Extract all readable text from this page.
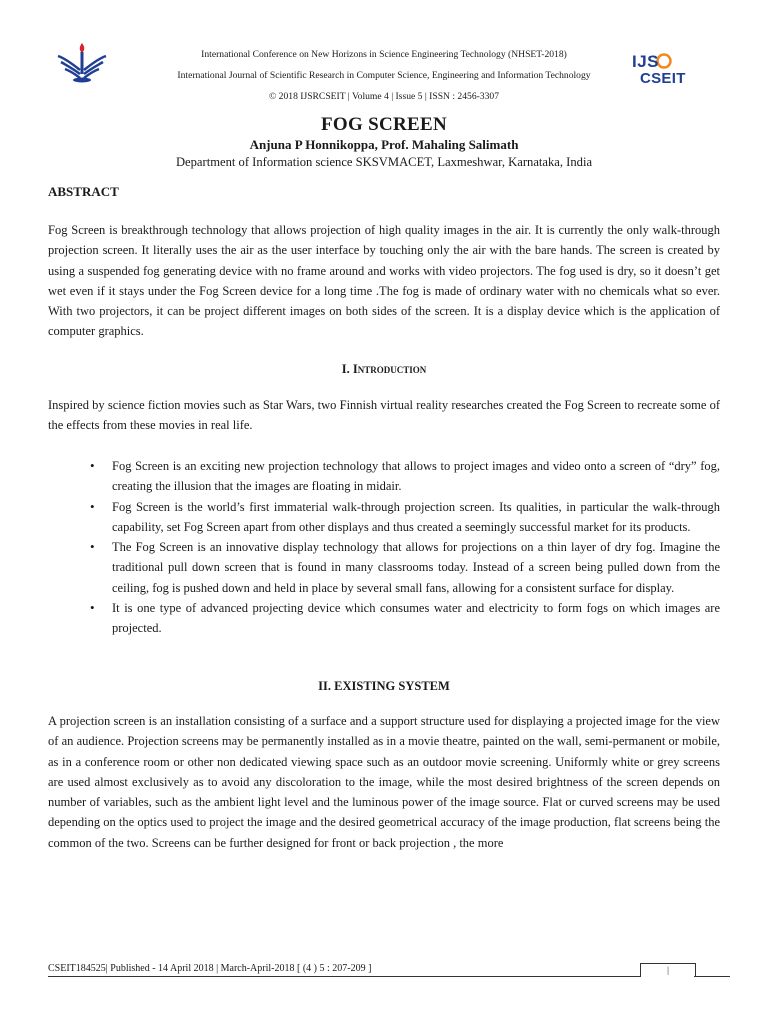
International Conference on New Horizons in Science Engineering Technology (NHSET-2018)
International Journal of Scientific Research in Computer Science, Engineering and Information Technology
© 2018 IJSRCSEIT | Volume 4 | Issue 5 | ISSN : 2456-3307
IJS
CSEIT
FOG SCREEN
Anjuna P Honnikoppa, Prof. Mahaling Salimath
Department of Information science SKSVMACET, Laxmeshwar, Karnataka, India
ABSTRACT

Fog Screen is breakthrough technology that allows projection of high quality images in the air. It is currently the only walk-through projection screen. It literally uses the air as the user interface by touching only the air with the bare hands. The screen is created by using a suspended fog generating device with no frame around and works with video projectors. The fog used is dry, so it doesn’t get wet even if it stays under the Fog Screen device for a long time .The fog is made of ordinary water with no chemicals what so ever. With two projectors, it can be project different images on both sides of the screen. It is a display device which is the application of computer graphics.

I. Introduction

Inspired by science fiction movies such as Star Wars, two Finnish virtual reality researches created the Fog Screen to recreate some of the effects from these movies in real life.

• Fog Screen is an exciting new projection technology that allows to project images and video onto a screen of “dry” fog, creating the illusion that the images are floating in midair.
• Fog Screen is the world’s first immaterial walk-through projection screen. Its qualities, in particular the walk-through capability, set Fog Screen apart from other displays and thus created a seemingly successful market for its products.
• The Fog Screen is an innovative display technology that allows for projections on a thin layer of dry fog. Imagine the traditional pull down screen that is found in many classrooms today. Instead of a screen being pulled down from the ceiling, fog is pushed down and held in place by several small fans, allowing for a consistent surface for display.
• It is one type of advanced projecting device which consumes water and electricity to form fogs on which images are projected.
II. EXISTING SYSTEM

A projection screen is an installation consisting of a surface and a support structure used for displaying a projected image for the view of an audience. Projection screens may be permanently installed as in a movie theatre, painted on the wall, semi-permanent or mobile, as in a conference room or other non dedicated viewing space such as an outdoor movie screening. Uniformly white or grey screens are used almost exclusively as to avoid any discoloration to the image, while the most desired brightness of the screen depends on number of variables, such as the ambient light level and the luminous power of the image source. Flat or curved screens may be used depending on the optics used to project the image and the desired geometrical accuracy of the image production, flat screens being the common of the two. Screens can be further designed for front or back projection , the more

CSEIT184525| Published - 14 April 2018 | March-April-2018 [ (4 ) 5 : 207-209 ]	|
